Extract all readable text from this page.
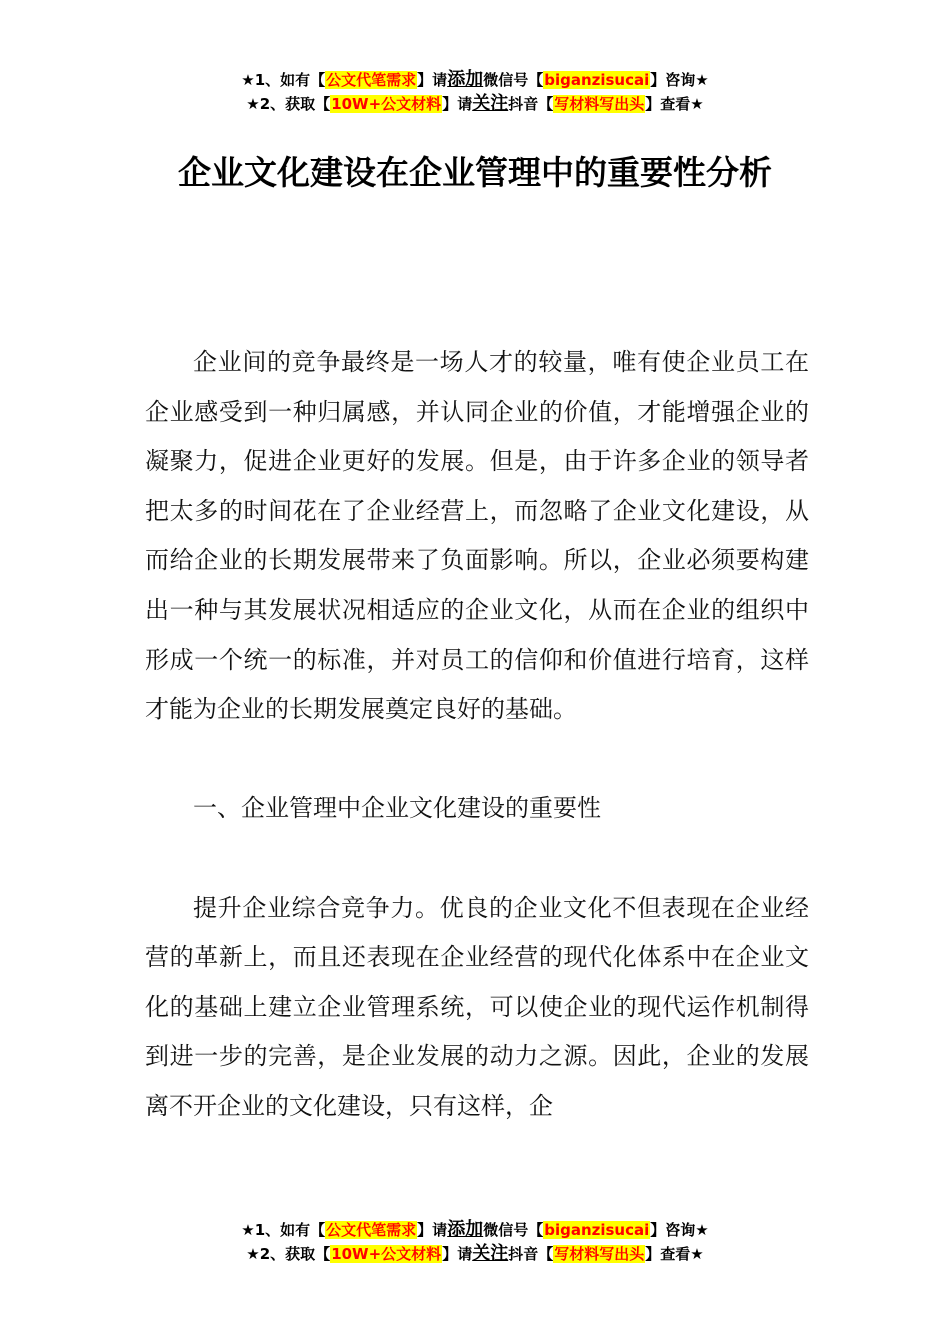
★1、如有【公文代笔需求】请添加微信号【biganzisucai】咨询★
★2、获取【10W+公文材料】请关注抖音【写材料写出头】查看★
企业文化建设在企业管理中的重要性分析

企业间的竞争最终是一场人才的较量，唯有使企业员工在企业感受到一种归属感，并认同企业的价值，才能增强企业的凝聚力，促进企业更好的发展。但是，由于许多企业的领导者把太多的时间花在了企业经营上，而忽略了企业文化建设，从而给企业的长期发展带来了负面影响。所以，企业必须要构建出一种与其发展状况相适应的企业文化，从而在企业的组织中形成一个统一的标准，并对员工的信仰和价值进行培育，这样才能为企业的长期发展奠定良好的基础。

一、企业管理中企业文化建设的重要性

提升企业综合竞争力。优良的企业文化不但表现在企业经营的革新上，而且还表现在企业经营的现代化体系中在企业文化的基础上建立企业管理系统，可以使企业的现代运作机制得到进一步的完善，是企业发展的动力之源。因此，企业的发展离不开企业的文化建设，只有这样，企

★1、如有【公文代笔需求】请添加微信号【biganzisucai】咨询★
★2、获取【10W+公文材料】请关注抖音【写材料写出头】查看★
